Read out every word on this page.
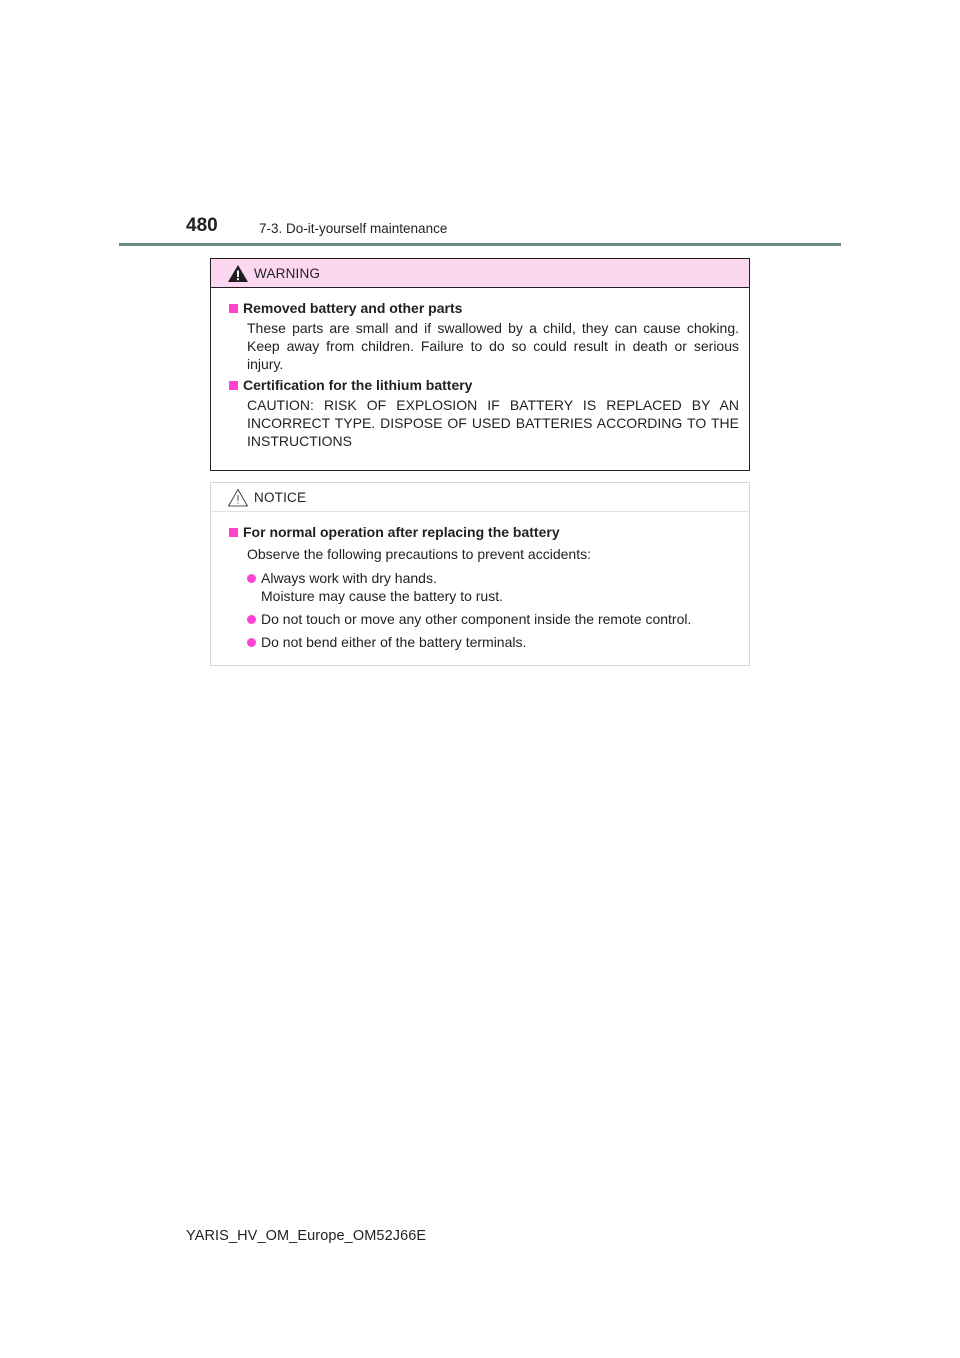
480	7-3. Do-it-yourself maintenance
WARNING
Removed battery and other parts

These parts are small and if swallowed by a child, they can cause choking. Keep away from children. Failure to do so could result in death or serious injury.

Certification for the lithium battery

CAUTION: RISK OF EXPLOSION IF BATTERY IS REPLACED BY AN INCORRECT TYPE. DISPOSE OF USED BATTERIES ACCORDING TO THE INSTRUCTIONS

NOTICE
For normal operation after replacing the battery

Observe the following precautions to prevent accidents:

Always work with dry hands.
Moisture may cause the battery to rust.
Do not touch or move any other component inside the remote control.
Do not bend either of the battery terminals.
YARIS_HV_OM_Europe_OM52J66E
